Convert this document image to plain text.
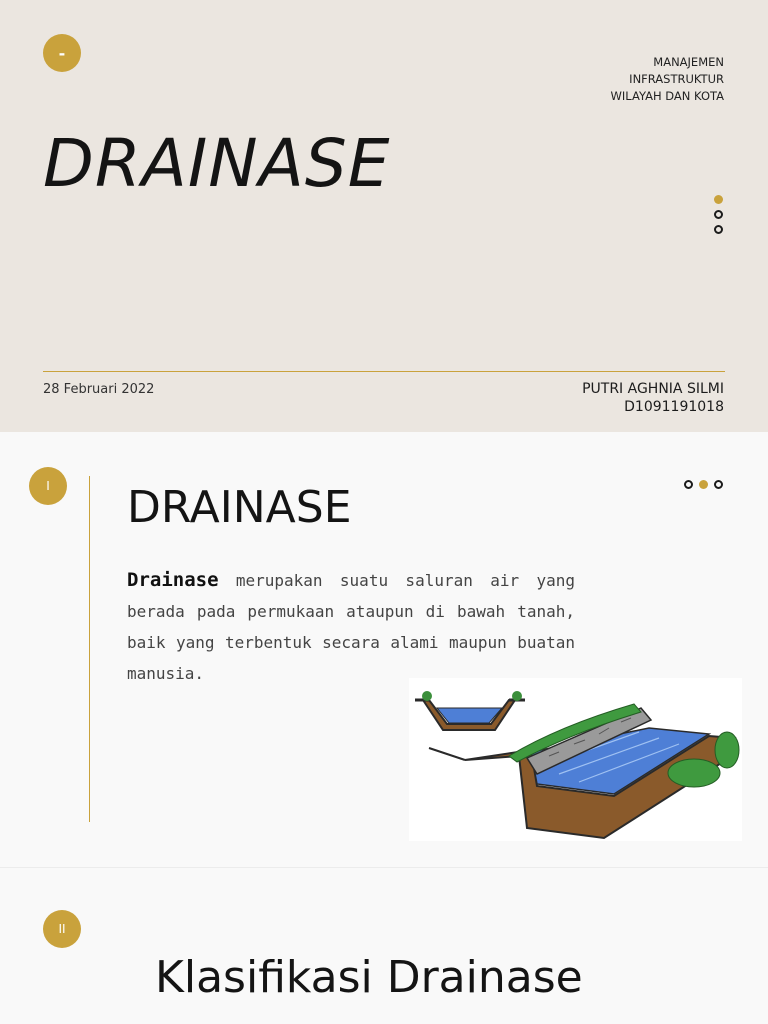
-	MANAJEMEN
INFRASTRUKTUR
WILAYAH DAN KOTA
DRAINASE
28 Februari 2022	PUTRI AGHNIA SILMI
D1091191018
I	DRAINASE

Drainase merupakan suatu saluran air yang berada pada permukaan ataupun di bawah tanah, baik yang terbentuk secara alami maupun buatan manusia.

II
Klasifikasi Drainase
